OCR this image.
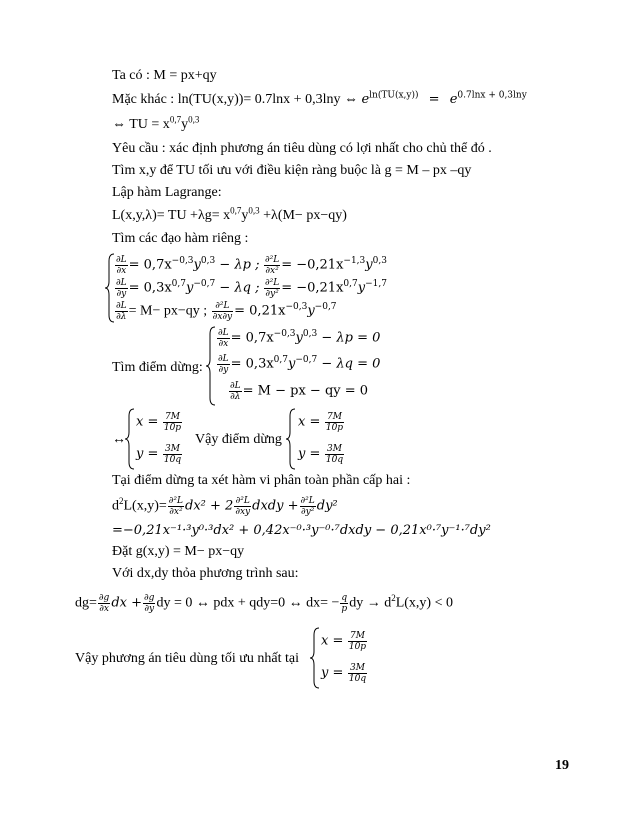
Ta có : M = px+qy
Mặc khác : ln(TU(x,y))= 0.7lnx + 0,3lny ⇔ $e^{ln(TU(x,y))} = e^{0.7lnx + 0,3lny}$
⇔ TU = $x^{0,7}y^{0,3}$
Yêu cầu : xác định phương án tiêu dùng có lợi nhất cho chủ thể đó .
Tìm x,y để TU tối ưu với điều kiện ràng buộc là g = M – px –qy
Lập hàm Lagrange:
L(x,y,λ)= TU $+\lambda g= x^{0,7}y^{0,3} +\lambda(M- px-qy)$
Tìm các đạo hàm riêng :
$\frac{\partial L}{\partial x} = 0,7x^{-0,3}y^{0,3} - \lambda p$ ; $\frac{\text{∂²L}}{\text{∂x²}} = -0,21x^{-1,3}y^{0,3}$
$\frac{\partial L}{\partial y} = 0,3x^{0,7}y^{-0,7} - \lambda q$ ; $\frac{\text{∂²L}}{\text{∂y²}} = -0,21x^{0,7}y^{-1,7}$
$\frac{\partial L}{\partial\lambda} = M- px-qy$ ; $\frac{\text{∂²L}}{\partial x\partial y} = 0,21x^{-0,3}y^{-0,7}$
Tìm điểm dừng:
$\frac{\partial L}{\partial x} = 0,7x^{-0,3}y^{0,3} - \lambda p = 0$
$\frac{\partial L}{\partial y} = 0,3x^{0,7}y^{-0,7} - \lambda q = 0$
$\frac{\partial L}{\partial\lambda} = M$ − px − qy = 0
↔
$x = \frac{7M}{10p}$
$y = \frac{3M}{10q}$
Vậy điểm dừng
$x = \frac{7M}{10p}$
$y = \frac{3M}{10q}$
Tại điểm dừng ta xét hàm vi phân toàn phần cấp hai :
$d^2L(x,y)= \frac{\text{∂²L}}{\text{∂x²}} dx^2 + 2 \frac{\text{∂²L}}{\partial xy}$ dxdy + $\frac{\text{∂²L}}{\text{∂y²}} dy^2$
=−0,21x⁻¹·³y⁰·³dx² + 0,42x⁻⁰·³y⁻⁰·⁷dxdy − 0,21x⁰·⁷y⁻¹·⁷dy²
Đặt g(x,y) = M− px−qy
Với dx,dy thỏa phương trình sau:
$dg= \frac{\partial g}{\partial x}$ dx + $\frac{\partial g}{\partial y}$ dy = 0 ↔ pdx + qdy=0 ↔ $dx= - \frac{q}{p}$ dy → $d^2L(x,y) < 0$
Vậy phương án tiêu dùng tối ưu nhất tại
$x = \frac{7M}{10p}$
$y = \frac{3M}{10q}$
19
